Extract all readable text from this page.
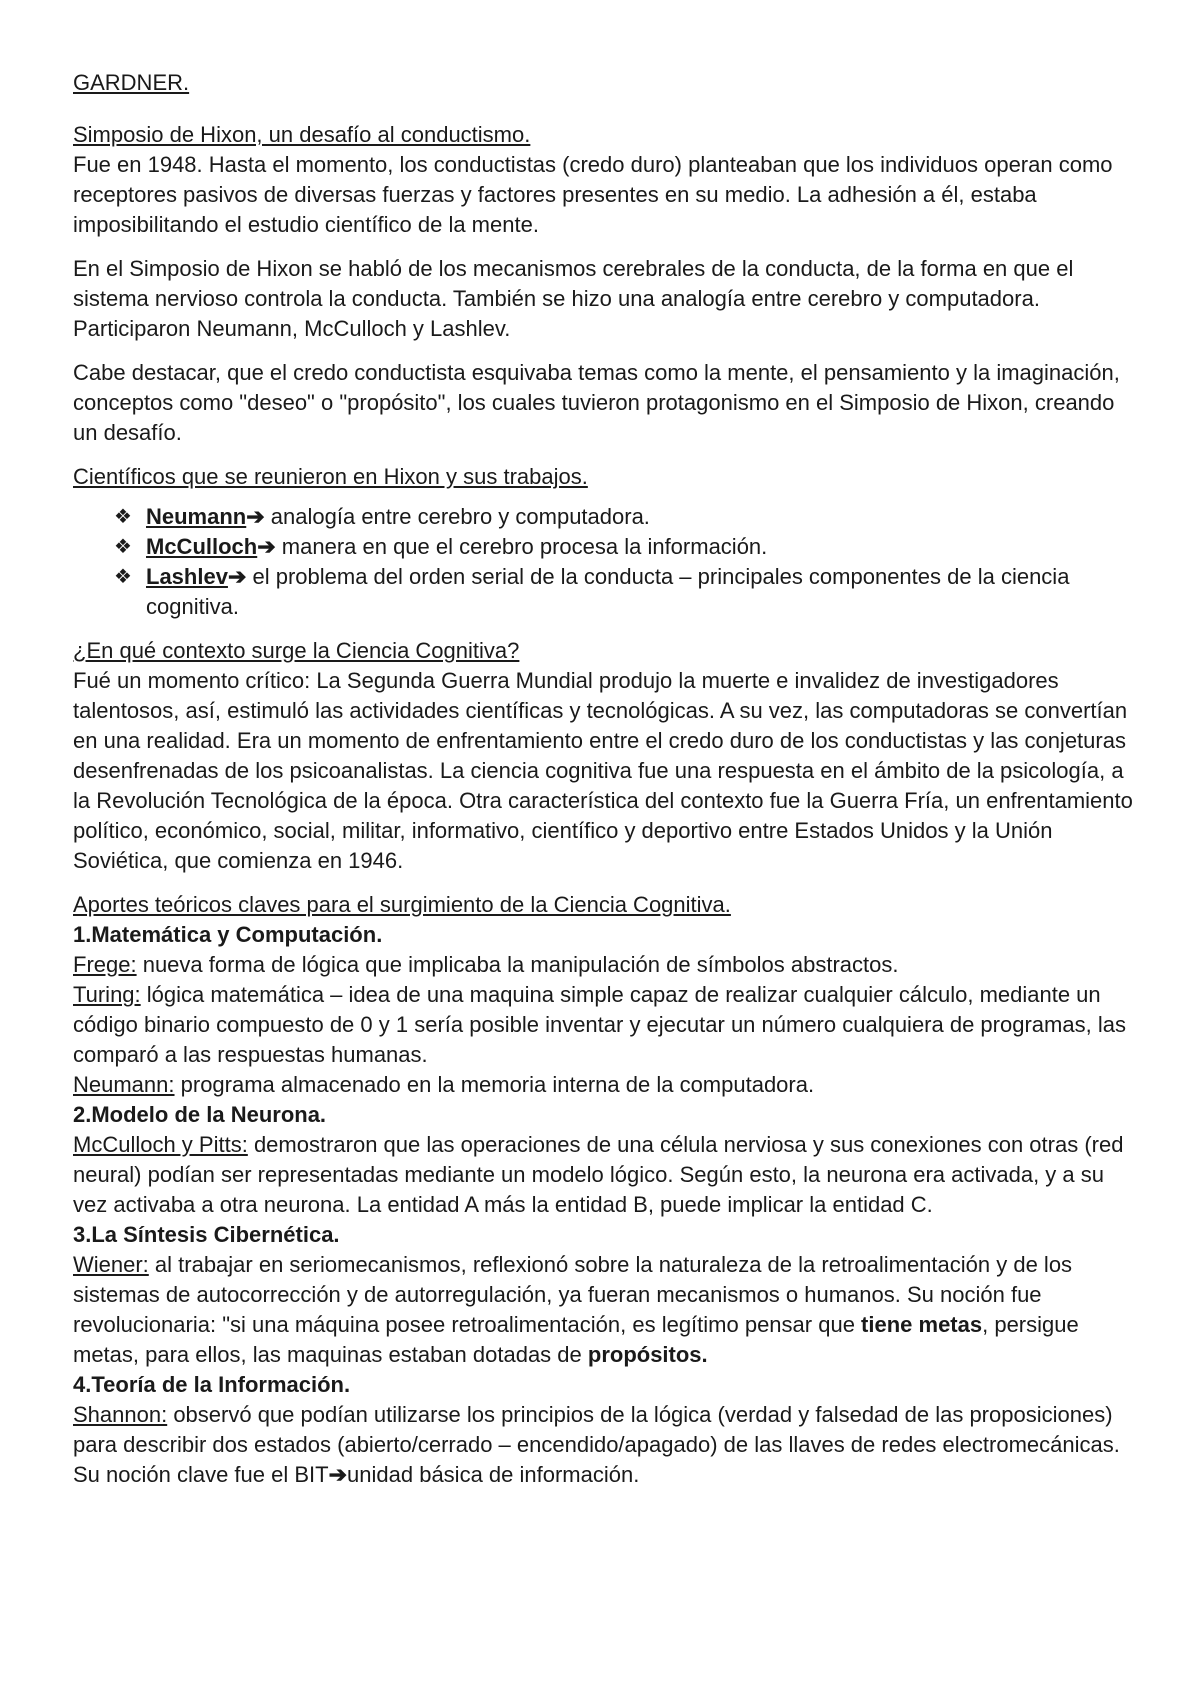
GARDNER.

Simposio de Hixon, un desafío al conductismo.

Fue en 1948. Hasta el momento, los conductistas (credo duro) planteaban que los individuos operan como receptores pasivos de diversas fuerzas y factores presentes en su medio. La adhesión a él, estaba imposibilitando el estudio científico de la mente.

En el Simposio de Hixon se habló de los mecanismos cerebrales de la conducta, de la forma en que el sistema nervioso controla la conducta. También se hizo una analogía entre cerebro y computadora. Participaron Neumann, McCulloch y Lashlev.

Cabe destacar, que el credo conductista esquivaba temas como la mente, el pensamiento y la imaginación, conceptos como "deseo" o "propósito", los cuales tuvieron protagonismo en el Simposio de Hixon, creando un desafío.

Científicos que se reunieron en Hixon y sus trabajos.

❖ Neumann➔ analogía entre cerebro y computadora.
❖ McCulloch➔ manera en que el cerebro procesa la información.
❖ Lashlev➔ el problema del orden serial de la conducta – principales componentes de la ciencia cognitiva.

¿En qué contexto surge la Ciencia Cognitiva?

Fué un momento crítico: La Segunda Guerra Mundial produjo la muerte e invalidez de investigadores talentosos, así, estimuló las actividades científicas y tecnológicas. A su vez, las computadoras se convertían en una realidad. Era un momento de enfrentamiento entre el credo duro de los conductistas y las conjeturas desenfrenadas de los psicoanalistas. La ciencia cognitiva fue una respuesta en el ámbito de la psicología, a la Revolución Tecnológica de la época. Otra característica del contexto fue la Guerra Fría, un enfrentamiento político, económico, social, militar, informativo, científico y deportivo entre Estados Unidos y la Unión Soviética, que comienza en 1946.

Aportes teóricos claves para el surgimiento de la Ciencia Cognitiva.

1.Matemática y Computación.

Frege: nueva forma de lógica que implicaba la manipulación de símbolos abstractos.

Turing: lógica matemática – idea de una maquina simple capaz de realizar cualquier cálculo, mediante un código binario compuesto de 0 y 1 sería posible inventar y ejecutar un número cualquiera de programas, las comparó a las respuestas humanas.

Neumann: programa almacenado en la memoria interna de la computadora.

2.Modelo de la Neurona.

McCulloch y Pitts: demostraron que las operaciones de una célula nerviosa y sus conexiones con otras (red neural) podían ser representadas mediante un modelo lógico. Según esto, la neurona era activada, y a su vez activaba a otra neurona. La entidad A más la entidad B, puede implicar la entidad C.

3.La Síntesis Cibernética.

Wiener: al trabajar en seriomecanismos, reflexionó sobre la naturaleza de la retroalimentación y de los sistemas de autocorrección y de autorregulación, ya fueran mecanismos o humanos. Su noción fue revolucionaria: "si una máquina posee retroalimentación, es legítimo pensar que tiene metas, persigue metas, para ellos, las maquinas estaban dotadas de propósitos.

4.Teoría de la Información.

Shannon: observó que podían utilizarse los principios de la lógica (verdad y falsedad de las proposiciones) para describir dos estados (abierto/cerrado – encendido/apagado) de las llaves de redes electromecánicas.

Su noción clave fue el BIT➔unidad básica de información.
